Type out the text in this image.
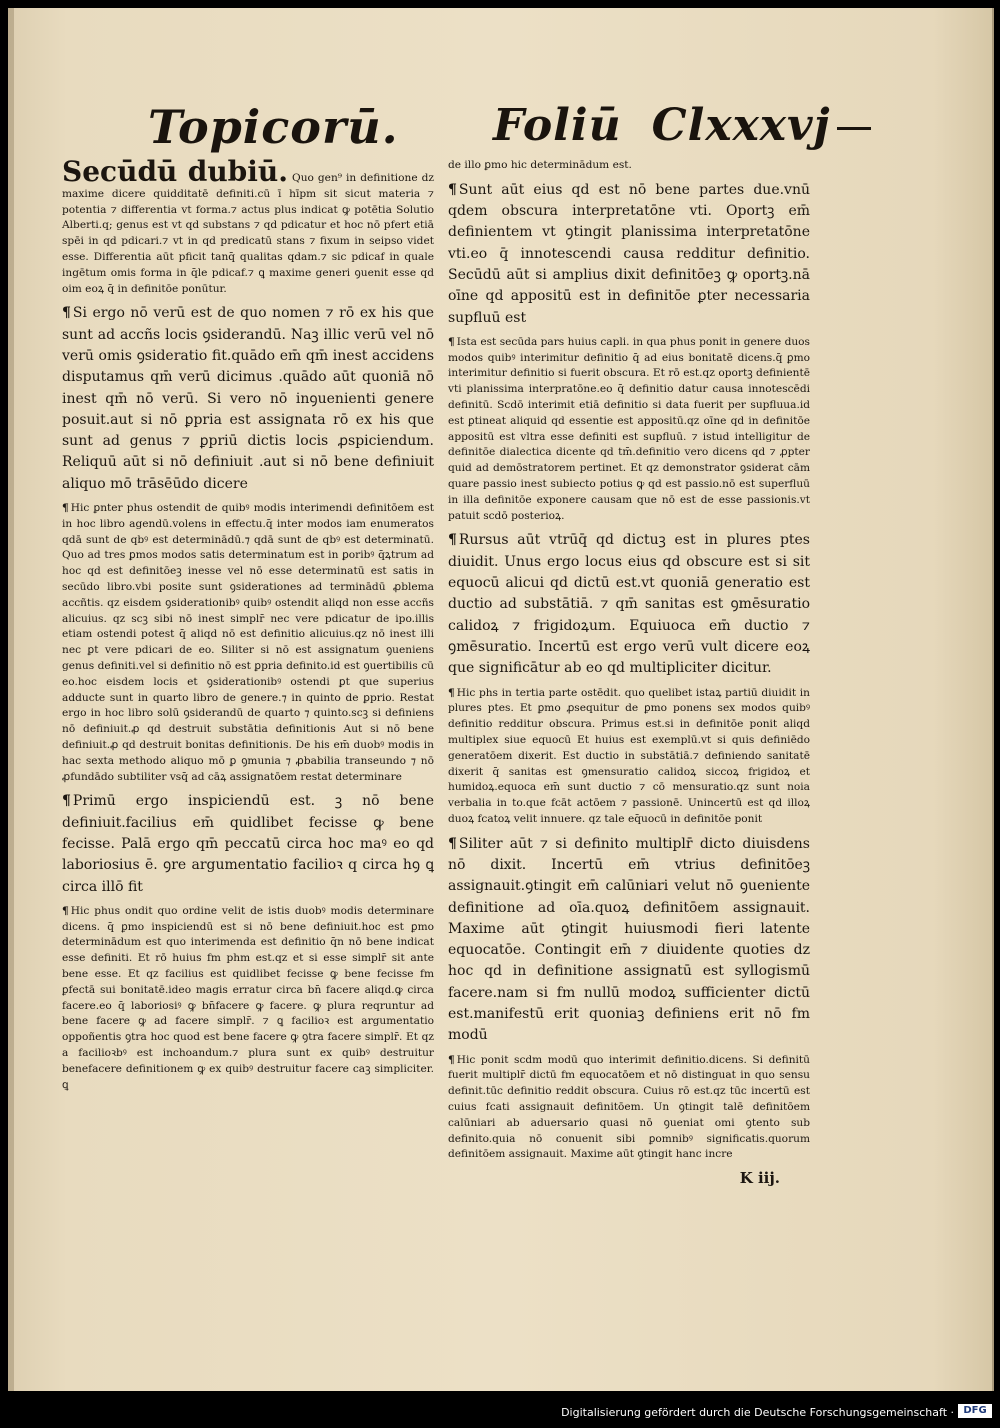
Topicorū. Foliū Clxxxvj

Secūdū dubiū. Quo gen⁹ in definitione dz maxime dicere quidditatē definiti.cū ī hīpm sit sicut materia ⁊ potentia ⁊ differentia vt forma.⁊ actus plus indicat ꝙ potētia Solutio Alberti.q; genus est vt qd substans ⁊ qd pdicatur et hoc nō pfert etiā spēi in qd pdicari.⁊ vt in qd predicatū stans ⁊ fixum in seipso videt esse. Differentia aūt pficit tanq̄ qualitas qdam.⁊ sic pdicaf in quale ingētum omis forma in q̄le pdicaf.⁊ ꝗ maxime generi ꝯuenit esse qd oim eoꝝ q̄ in definitōe ponūtur.

¶ Si ergo nō verū est de quo nomen ⁊ rō ex his que sunt ad accñs locis ꝯsiderandū. Naꝫ illic verū vel nō verū omis ꝯsideratio fit.quādo em̄ qm̄ inest accidens disputamus qm̄ verū dicimus .quādo aūt quoniā nō inest qm̄ nō verū. Si vero nō inꝯuenienti genere posuit.aut si nō ꝑpria est assignata rō ex his que sunt ad genus ⁊ ꝑpriū dictis locis ꝓspiciendum. Reliquū aūt si nō definiuit .aut si nō bene definiuit aliquo mō trāsēūdo dicere

¶ Hic ꝑnter phus ostendit de quibꝰ modis interimendi definitōem est in hoc libro agendū.volens in effectu.q̄ inter modos iam enumeratos qdā sunt de qbꝰ est determinādū.⁊ qdā sunt de qbꝰ est determinatū. Quo ad tres ꝑmos modos satis determinatum est in ꝑoribꝰ q̄ꝝtrum ad hoc qd est definitōeꝫ inesse vel nō esse determinatū est satis in secūdo libro.vbi posite sunt ꝯsiderationes ad terminādū ꝓblema accñtis. qz eisdem ꝯsiderationibꝰ quibꝰ ostendit aliqd non esse accñs alicuius. qz scꝫ sibi nō inest simplr̄ nec vere pdicatur de ipo.illis etiam ostendi potest q̄ aliqd nō est definitio alicuius.qz nō inest illi nec ꝑt vere pdicari de eo. Siliter si nō est assignatum ꝯueniens genus definiti.vel si definitio nō est ꝑpria definito.id est ꝯuertibilis cū eo.hoc eisdem locis et ꝯsiderationibꝰ ostendi ꝑt que superius adducte sunt in quarto libro de genere.⁊ in quinto de ꝑprio. Restat ergo in hoc libro solū ꝯsiderandū de quarto ⁊ quinto.scꝫ si definiens nō definiuit.ꝓ qd destruit substātia definitionis Aut si nō bene definiuit.ꝓ qd destruit bonitas definitionis. De his em̄ duobꝰ modis in hac sexta methodo aliquo mō ꝑ ꝯmunia ⁊ ꝓbabilia transeundo ⁊ nō ꝓfundādo subtiliter vsq̄ ad cāꝝ assignatōem restat determinare

¶ Primū ergo inspiciendū est. ꝫ nō bene definiuit.facilius em̄ quidlibet fecisse ꝙ bene fecisse. Palā ergo qm̄ peccatū circa hoc maꝰ eo qd laboriosius ē. ꝯre argumentatio facilioꝛ q circa hꝯ ꝗ circa illō fit

¶ Hic phus ondit quo ordine velit de istis duobꝰ modis determinare dicens. q̄ ꝑmo inspiciendū est si nō bene definiuit.hoc est ꝑmo determinādum est quo interimenda est definitio q̄n nō bene indicat esse definiti. Et rō huius fm phm est.qz et si esse simplr̄ sit ante bene esse. Et qz facilius est quidlibet fecisse ꝙ bene fecisse fm ꝑfectā sui bonitatē.ideo magis erratur circa bn̄ facere aliqd.ꝙ circa facere.eo q̄ laboriosiꝰ ꝙ bn̄facere ꝙ facere. ꝙ plura reqruntur ad bene facere ꝙ ad facere simplr̄. ⁊ ꝗ facilioꝛ est argumentatio oppoñentis ꝯtra hoc quod est bene facere ꝙ ꝯtra facere simplr̄. Et qz a facilioꝛbꝰ est inchoandum.⁊ plura sunt ex quibꝰ destruitur benefacere definitionem ꝙ ex quibꝰ destruitur facere caꝫ simpliciter. ꝗ

de illo ꝑmo hic determinādum est.

¶ Sunt aūt eius qd est nō bene partes due.vnū qdem obscura interpretatōne vti. Oportꝫ em̄ definientem vt ꝯtingit planissima interpretatōne vti.eo q̄ innotescendi causa redditur definitio. Secūdū aūt si amplius dixit definitōeꝫ ꝙ oportꝫ.nā oīne qd appositū est in definitōe ꝑter necessaria supfluū est

¶ Ista est secūda pars huius capli. in qua phus ponit in genere duos modos quibꝰ interimitur definitio q̄ ad eius bonitatē dicens.q̄ ꝑmo interimitur definitio si fuerit obscura. Et rō est.qz oportꝫ definientē vti planissima interpratōne.eo q̄ definitio datur causa innotescēdi definitū. Scdō interimit etiā definitio si data fuerit per supfluua.id est ꝑtineat aliquid qd essentie est appositū.qz oīne qd in definitōe appositū est vltra esse definiti est supfluū. ⁊ istud intelligitur de definitōe dialectica dicente qd tm̄.definitio vero dicens qd ⁊ ꝓpter quid ad demōstratorem pertinet. Et qz demonstrator ꝯsiderat cām quare passio inest subiecto potius ꝙ qd est passio.nō est superfluū in illa definitōe exponere causam que nō est de esse passionis.vt patuit scdō posterioꝝ.

¶ Rursus aūt vtrūq̄ qd dictuꝫ est in plures ptes diuidit. Unus ergo locus eius qd obscure est si sit equocū alicui qd dictū est.vt quoniā generatio est ductio ad substātiā. ⁊ qm̄ sanitas est ꝯmēsuratio calidoꝝ ⁊ frigidoꝝum. Equiuoca em̄ ductio ⁊ ꝯmēsuratio. Incertū est ergo verū vult dicere eoꝝ que significātur ab eo qd multipliciter dicitur.

¶ Hic phs in tertia parte ostēdit. quo quelibet istaꝝ partiū diuidit in plures ptes. Et ꝑmo ꝓsequitur de ꝑmo ponens sex modos quibꝰ definitio redditur obscura. Primus est.si in definitōe ponit aliqd multiplex siue equocū Et huius est exemplū.vt si quis definiēdo generatōem dixerit. Est ductio in substātiā.⁊ definiendo sanitatē dixerit q̄ sanitas est ꝯmensuratio calidoꝝ siccoꝝ frigidoꝝ et humidoꝝ.equoca em̄ sunt ductio ⁊ cō mensuratio.qz sunt noia verbalia in to.que fcāt actōem ⁊ passionē. Unincertū est qd illoꝝ duoꝝ fcatoꝝ velit innuere. qz tale eq̄uocū in definitōe ponit

¶ Siliter aūt ⁊ si definito multiplr̄ dicto diuisdens nō dixit. Incertū em̄ vtrius definitōeꝫ assignauit.ꝯtingit em̄ calūniari velut nō ꝯueniente definitione ad oīa.quoꝝ definitōem assignauit. Maxime aūt ꝯtingit huiusmodi fieri latente equocatōe. Contingit em̄ ⁊ diuidente quoties dz hoc qd in definitione assignatū est syllogismū facere.nam si fm nullū modoꝝ sufficienter dictū est.manifestū erit quoniaꝫ definiens erit nō fm modū

¶ Hic ponit scdm modū quo interimit definitio.dicens. Si definitū fuerit multiplr̄ dictū fm equocatōem et nō distinguat in quo sensu definit.tūc definitio reddit obscura. Cuius rō est.qz tūc incertū est cuius fcati assignauit definitōem. Un ꝯtingit talē definitōem calūniari ab aduersario quasi nō ꝯueniat omi ꝯtento sub definito.quia nō conuenit sibi ꝑomnibꝰ significatis.quorum definitōem assignauit. Maxime aūt ꝯtingit hanc incre

K iij.
Digitalisierung gefördert durch die Deutsche Forschungsgemeinschaft · DFG
